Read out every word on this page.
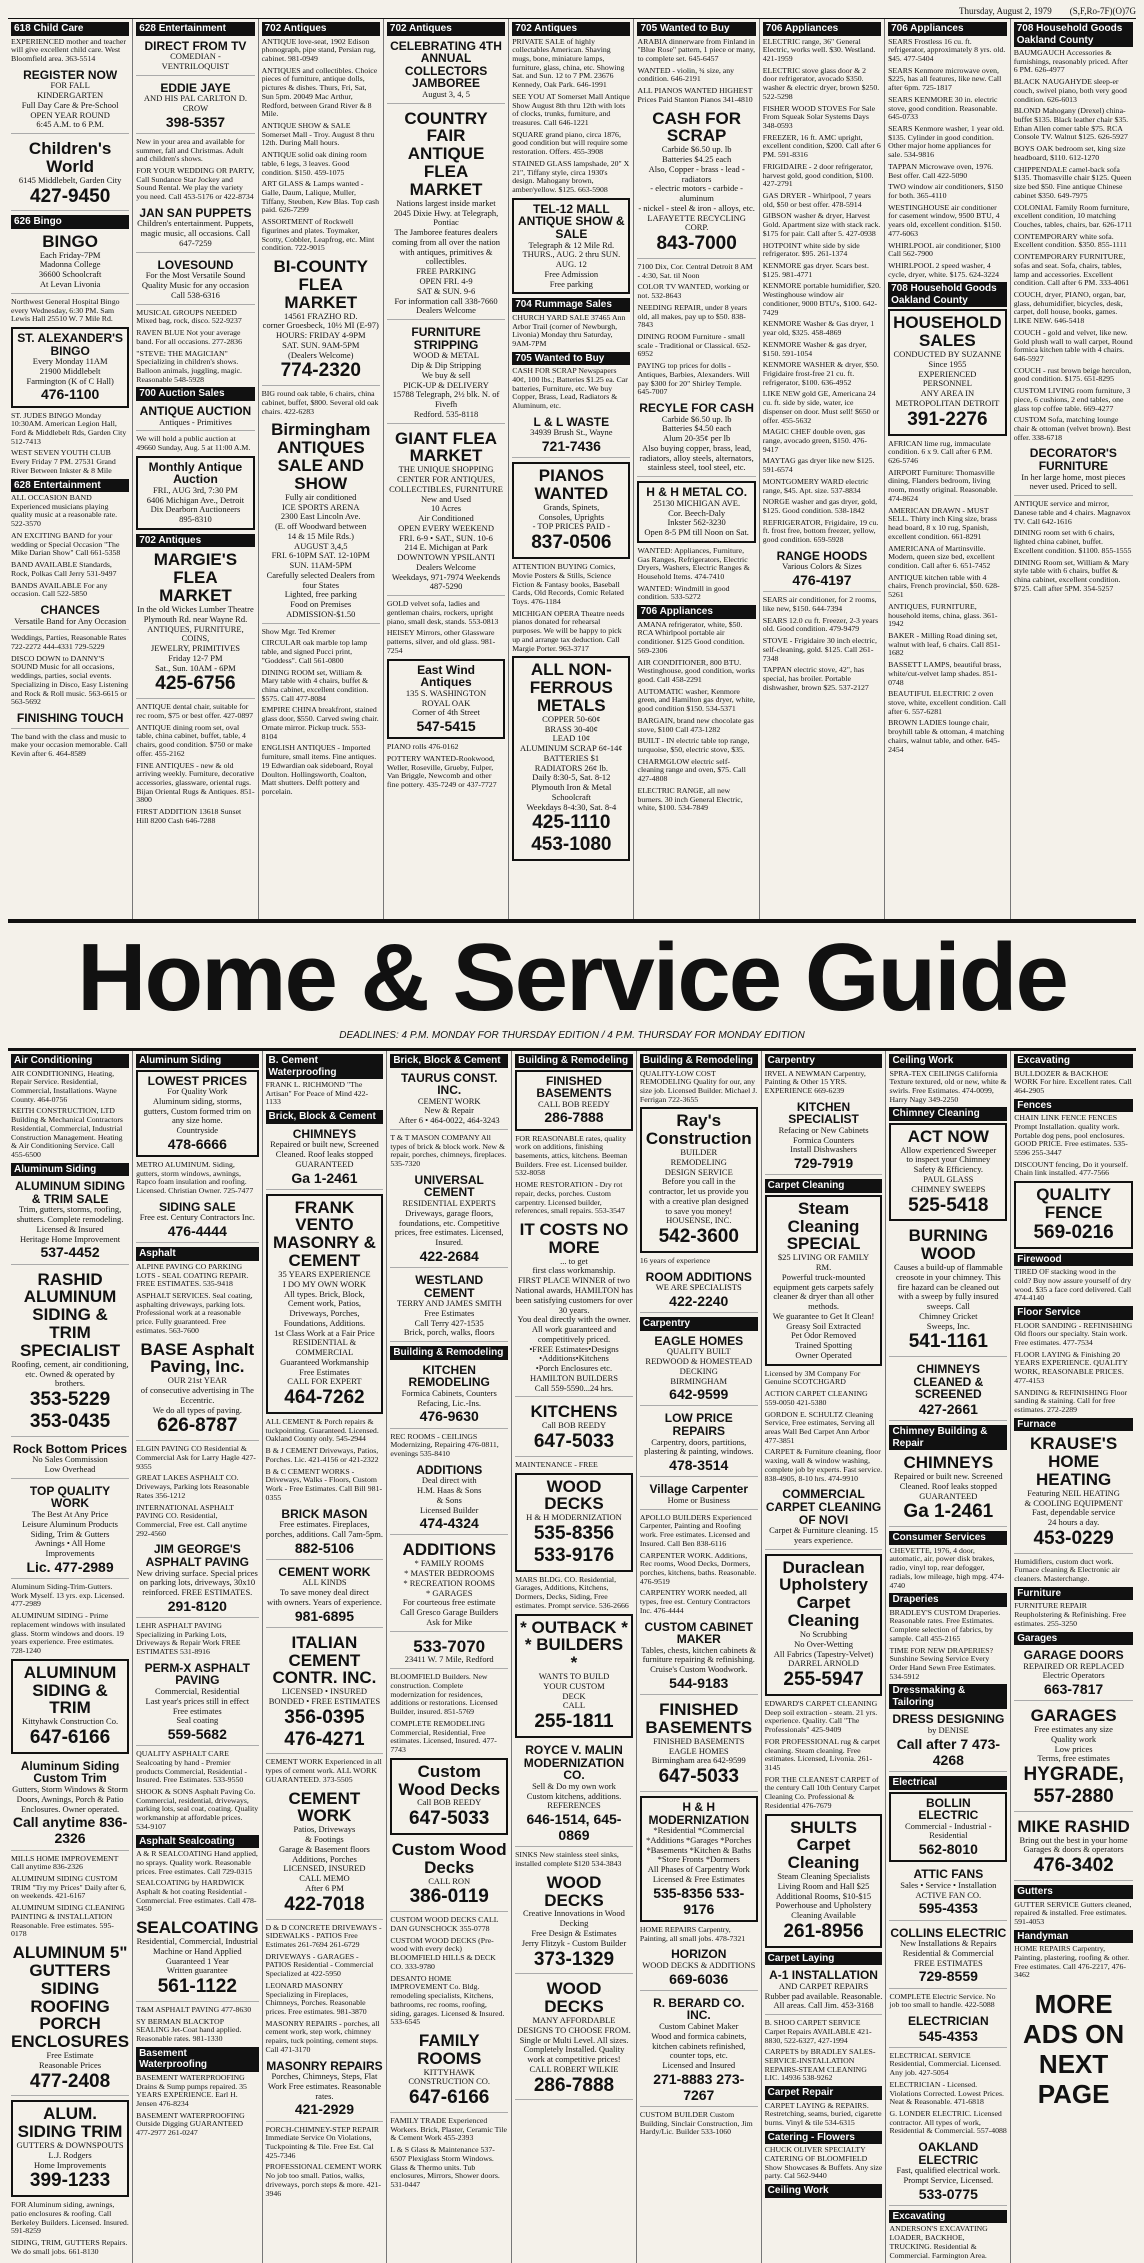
Thursday, August 2, 1979 (S,F,Ro-7F)(O)7G
618 Child Care
EXPERIENCED mother and teacher will give excellent child care. West Bloomfield area. 363-5514
REGISTER NOW
FOR FALL
KINDERGARTEN
Full Day Care & Pre-School
OPEN YEAR ROUND
6:45 A.M. to 6 P.M.
Children's World
6145 Middlebelt, Garden City
427-9450
626 Bingo
BINGO
Each Friday-7PM
Madonna College
36600 Schoolcraft
At Levan Livonia
Northwest General Hospital Bingo every Wednesday, 6:30 PM. Sam Lewis Hall 25510 W. 7 Mile Rd.
ST. ALEXANDER'S BINGO
Every Monday 11AM
21900 Middlebelt
Farmington (K of C Hall)
476-1100
ST. JUDES BINGO Monday 10:30AM. American Legion Hall, Ford & Middlebelt Rds, Garden City 512-7413
WEST SEVEN YOUTH CLUB Every Friday 7 PM. 27531 Grand River Between Inkster & 8 Mile
628 Entertainment
ALL OCCASION BAND Experienced musicians playing quality music at a reasonable rate. 522-3570
AN EXCITING BAND for your wedding or Special Occasion "The Mike Darian Show" Call 661-5358
BAND AVAILABLE Standards, Rock, Polkas Call Jerry 531-9497
BANDS AVAILABLE For any occasion. Call 522-5850
CHANCES
Versatile Band for Any Occasion
Weddings, Parties, Reasonable Rates 722-2272 444-4331 729-5229
DISCO DOWN to DANNY'S SOUND Music for all occasions, weddings, parties, social events. Specializing in Disco, Easy Listening and Rock & Roll music. 563-6615 or 563-5692
FINISHING TOUCH
The band with the class and music to make your occasion memorable. Call Kevin after 6. 464-8589
628 Entertainment
DIRECT FROM TV
COMEDIAN - VENTRILOQUIST
EDDIE JAYE
AND HIS PAL CARLTON D. CROW
398-5357
New in your area and available for summer, fall and Christmas. Adult and children's shows.
FOR YOUR WEDDING OR PARTY, Call Sundance Star Jockey and Sound Rental. We play the variety you need. Call 453-5176 or 422-8734
JAN SAN PUPPETS
Children's entertainment. Puppets, magic music, all occasions. Call 647-7259
LOVESOUND
For the Most Versatile Sound
Quality Music for any occasion
Call 538-6316
MUSICAL GROUPS NEEDED Mixed bag, rock, disco. 522-9237
RAVEN BLUE Not your average band. For all occasions. 277-2836
"STEVE: THE MAGICIAN" Specializing in children's shows. Balloon animals, juggling, magic. Reasonable 548-5928
700 Auction Sales
ANTIQUE AUCTION
Antiques - Primitives
We will hold a public auction at 49660 Sunday, Aug. 5 at 11:00 A.M.
Monthly Antique Auction
FRI., AUG 3rd, 7:30 PM
6406 Michigan Ave., Detroit
Dix Dearborn Auctioneers
895-8310
702 Antiques
MARGIE'S FLEA MARKET
In the old Wickes Lumber Theatre
Plymouth Rd. near Wayne Rd.
ANTIQUES, FURNITURE, COINS,
JEWELRY, PRIMITIVES
Friday 12-7 PM
Sat., Sun. 10AM - 6PM
425-6756
ANTIQUE dental chair, suitable for rec room, $75 or best offer. 427-0897
ANTIQUE dining room set, oval table, china cabinet, buffet, table, 4 chairs, good condition. $750 or make offer. 455-2162
FINE ANTIQUES - new & old arriving weekly. Furniture, decorative accessories, glassware, oriental rugs. Bijan Oriental Rugs & Antiques. 851-3800
FIRST ADDITION 13618 Sunset Hill 8200 Cash 646-7288
702 Antiques
ANTIQUE love-seat, 1902 Edison phonograph, pipe stand, Persian rug, cabinet. 981-0949
ANTIQUES and collectibles. Choice pieces of furniture, antique dolls, pictures & dishes. Thurs, Fri, Sat, Sun 5pm. 20049 Mac Arthur, Redford, between Grand River & 8 Mile.
ANTIQUE SHOW & SALE Somerset Mall - Troy. August 8 thru 12th. During Mall hours.
ANTIQUE solid oak dining room table, 6 legs, 3 leaves. Good condition. $150. 459-1075
ART GLASS & Lamps wanted - Galle, Daum, Lalique, Muller, Tiffany, Steuben, Kew Blas. Top cash paid. 626-7299
ASSORTMENT of Rockwell figurines and plates. Toymaker, Scotty, Cobbler, Leapfrog, etc. Mint condition. 722-9015
BI-COUNTY FLEA MARKET
14561 FRAZHO RD.
corner Groesbeck, 10½ MI (E-97)
HOURS: FRIDAY 4-9PM
SAT. SUN. 9AM-5PM
(Dealers Welcome)
774-2320
BIG round oak table, 6 chairs, china cabinet, buffet, $800. Several old oak chairs. 422-6283
Birmingham ANTIQUES SALE AND SHOW
Fully air conditioned
ICE SPORTS ARENA
2300 East Lincoln Ave.
(E. off Woodward between
14 & 15 Mile Rds.)
AUGUST 3,4,5
FRI. 6-10PM SAT. 12-10PM SUN. 11AM-5PM
Carefully selected Dealers from four States
Lighted, free parking
Food on Premises
ADMISSION-$1.50
Show Mgr. Ted Kremer
CIRCULAR oak marble top lamp table, and signed Pucci print, "Goddess". Call 561-0800
DINING ROOM set, William & Mary table with 4 chairs, buffet & china cabinet, excellent condition. $575. Call 477-8084
EMPIRE CHINA breakfront, stained glass door, $550. Carved swing chair. Ornate mirror. Pickup truck. 553-8104
ENGLISH ANTIQUES - Imported furniture, small items. Fine antiques. 19 Edwardian oak sideboard, Royal Doulton. Hollingsworth, Coalton, Matt shutters. Delft pottery and porcelain.
702 Antiques
CELEBRATING 4TH ANNUAL COLLECTORS JAMBOREE
August 3, 4, 5
COUNTRY FAIR ANTIQUE FLEA MARKET
Nations largest inside market
2045 Dixie Hwy. at Telegraph, Pontiac
The Jamboree features dealers coming from all over the nation with antiques, primitives & collectibles.
FREE PARKING
OPEN FRI. 4-9
SAT & SUN. 9-6
For information call 338-7660
Dealers Welcome
FURNITURE STRIPPING
WOOD & METAL
Dip & Dip Stripping
We buy & sell
PICK-UP & DELIVERY
15788 Telegraph, 2½ blk. N. of Fivefh
Redford. 535-8118
GIANT FLEA MARKET
THE UNIQUE SHOPPING CENTER FOR ANTIQUES, COLLECTIBLES, FURNITURE
New and Used
10 Acres
Air Conditioned
OPEN EVERY WEEKEND
FRI. 6-9 • SAT., SUN. 10-6
214 E. Michigan at Park
DOWNTOWN YPSILANTI
Dealers Welcome
Weekdays, 971-7974 Weekends 487-5290
GOLD velvet sofa, ladies and gentleman chairs, rockers, upright piano, small desk, stands. 553-0813
HEISEY Mirrors, other Glassware patterns, silver, and old glass. 981-7254
East Wind Antiques
135 S. WASHINGTON
ROYAL OAK
Corner of 4th Street
547-5415
PIANO rolls 476-0162
POTTERY WANTED-Rookwood, Weller, Roseville, Grueby, Fulper, Van Briggle, Newcomb and other fine pottery. 435-7249 or 437-7727
702 Antiques
PRIVATE SALE of highly collectables American. Shaving mugs, bone, miniature lamps, furniture, glass, china, etc. Showing Sat. and Sun. 12 to 7 PM. 23676 Kennedy, Oak Park. 646-1991
SEE YOU AT Somerset Mall Antique Show August 8th thru 12th with lots of clocks, trunks, furniture, and treasures. Call 646-1221
SQUARE grand piano, circa 1876, good condition but will require some restoration. Offers. 455-3908
STAINED GLASS lampshade, 20" X 21", Tiffany style, circa 1930's design. Mahogany brown, amber/yellow. $125. 663-5908
TEL-12 MALL ANTIQUE SHOW & SALE
Telegraph & 12 Mile Rd.
THURS., AUG. 2 thru SUN. AUG. 12
Free Admission
Free parking
704 Rummage Sales
CHURCH YARD SALE 37465 Ann Arbor Trail (corner of Newburgh, Livonia) Monday thru Saturday, 9AM-7PM
705 Wanted to Buy
CASH FOR SCRAP Newspapers 40¢, 100 lbs.; Batteries $1.25 ea. Car batteries, Furniture, etc. We buy Copper, Brass, Lead, Radiators & Aluminum, etc.
L & L WASTE
34939 Brush St., Wayne
721-7436
PIANOS WANTED
Grands, Spinets,
Consoles, Uprights
- TOP PRICES PAID -
837-0506
ATTENTION BUYING Comics, Movie Posters & Stills, Science Fiction & Fantasy books, Baseball Cards, Old Records, Comic Related Toys. 476-1184
MICHIGAN OPERA Theatre needs pianos donated for rehearsal purposes. We will be happy to pick up and arrange tax deduction. Call Margie Porter. 963-3717
ALL NON-FERROUS METALS
COPPER 50-60¢
BRASS 30-40¢
LEAD 10¢
ALUMINUM SCRAP 6¢-14¢
BATTERIES $1
RADIATORS 26¢ lb.
Daily 8:30-5, Sat. 8-12
Plymouth Iron & Metal
Schoolcraft
Weekdays 8-4:30, Sat. 8-4
425-1110 453-1080
705 Wanted to Buy
ARABIA dinnerware from Finland in "Blue Rose" pattern, 1 piece or many, to complete set. 645-6457
WANTED - violin, ¾ size, any condition. 646-2191
ALL PIANOS WANTED HIGHEST Prices Paid Stanton Pianos 341-4810
CASH FOR SCRAP
Carbide $6.50 up. lb
Batteries $4.25 each
Also, Copper - brass - lead - radiators
- electric motors - carbide - aluminum
- nickel - steel & iron - alloys, etc.
LAFAYETTE RECYCLING CORP.
843-7000
7100 Dix, Cor. Central Detroit 8 AM - 4:30, Sat. til Noon
COLOR TV WANTED, working or not. 532-8643
NEEDING REPAIR, under 8 years old, all makes, pay up to $50. 838-7843
DINING ROOM Furniture - small scale - Traditional or Classical. 652-6952
PAYING top prices for dolls - Antiques, Barbies, Alexanders. Will pay $300 for 20" Shirley Temple. 645-7007
RECYLE FOR CASH
Carbide $6.50 up. lb
Batteries $4.50 each
Alum 20-35¢ per lb
Also buying copper, brass, lead, radiators, alloy steels, alternators, stainless steel, tool steel, etc.
H & H METAL CO.
25130 MICHIGAN AVE.
Cor. Beech-Daly
Inkster 562-3230
Open 8-5 PM till Noon on Sat.
WANTED: Appliances, Furniture, Gas Ranges, Refrigerators, Electric Dryers, Washers, Electric Ranges & Household Items. 474-7410
WANTED: Windmill in good condition. 533-5272
706 Appliances
AMANA refrigerator, white, $50. RCA Whirlpool portable air conditioner. $125 Good condition. 569-2306
AIR CONDITIONER, 800 BTU. Westinghouse, good condition, works good. Call 458-2291
AUTOMATIC washer, Kenmore green, and Hamilton gas dryer, white, good condition $150. 534-5371
BARGAIN, brand new chocolate gas stove, $100 Call 473-1282
BUILT - IN electric table top range, turquoise, $50, electric stove, $35.
CHARMGLOW electric self-cleaning range and oven, $75. Call 427-4808
ELECTRIC RANGE, all new burners. 30 inch General Electric, white, $100. 534-7849
706 Appliances
ELECTRIC range, 36" General Electric, works well. $30. Westland. 421-1959
ELECTRIC stove glass door & 2 door refrigerator, avocado $350. washer & electric dryer, brown $250. 522-5298
FISHER WOOD STOVES For Sale From Squeak Solar Systems Days 348-0593
FREEZER, 16 ft. AMC upright, excellent condition, $200. Call after 6 PM. 591-8316
FRIGIDAIRE - 2 door refrigerator, harvest gold, good condition, $100. 427-2791
GAS DRYER - Whirlpool, 7 years old, $50 or best offer. 478-5914
GIBSON washer & dryer, Harvest Gold. Apartment size with stack rack. $175 for pair. Call after 5. 427-0938
HOTPOINT white side by side refrigerator. $95. 261-1374
KENMORE gas dryer. Scars best. $125. 981-4771
KENMORE portable humidifier, $20. Westinghouse window air conditioner, 9000 BTU's, $100. 642-7429
KENMORE Washer & Gas dryer, 1 year old, $325. 458-4869
KENMORE Washer & gas dryer, $150. 591-1054
KENMORE WASHER & dryer, $50. Frigidaire frost-free 21 cu. ft. refrigerator, $100. 636-4952
LIKE NEW gold GE, Americana 24 cu. ft. side by side, water, ice dispenser on door. Must sell! $650 or offer. 455-5632
MAGIC CHEF double oven, gas range, avocado green, $150. 476-9417
MAYTAG gas dryer like new $125. 591-6574
MONTGOMERY WARD electric range, $45. Apt. size. 537-8834
NORGE washer and gas dryer, gold, $125. Good condition. 538-1842
REFRIGERATOR, Frigidaire, 19 cu. ft. frost free, bottom freezer, yellow, good condition. 659-5928
RANGE HOODS
Various Colors & Sizes
476-4197
SEARS air conditioner, for 2 rooms, like new, $150. 644-7394
SEARS 12.0 cu ft. Freezer, 2-3 years old. Good condition. 479-9479
STOVE - Frigidaire 30 inch electric, self-cleaning, gold. $125. Call 261-7348
TAPPAN electric stove, 42", has special, has broiler. Portable dishwasher, brown $25. 537-2127
706 Appliances
SEARS Frostless 16 cu. ft. refrigerator, approximately 8 yrs. old. $45. 477-5404
SEARS Kenmore microwave oven, $225, has all features, like new. Call after 6pm. 725-1817
SEARS KENMORE 30 in. electric stove, good condition. Reasonable. 645-0733
SEARS Kenmore washer, 1 year old. $135. Cylinder in good condition. Other major home appliances for sale. 534-9816
TAPPAN Microwave oven, 1976. Best offer. Call 422-5090
TWO window air conditioners, $150 for both. 365-4110
WESTINGHOUSE air conditioner for casement window, 9500 BTU, 4 years old, excellent condition. $150. 477-6063
WHIRLPOOL air conditioner, $100 Call 562-7900
WHIRLPOOL 2 speed washer, 4 cycle, dryer, white. $175. 624-3224
708 Household Goods Oakland County
HOUSEHOLD SALES
CONDUCTED BY SUZANNE
Since 1955
EXPERIENCED PERSONNEL
ANY AREA IN
METROPOLITAN DETROIT
391-2276
AFRICAN lime rug, immaculate condition. 6 x 9. Call after 6 P.M. 626-5746
AIRPORT Furniture: Thomasville dining, Flanders bedroom, living room, mostly original. Reasonable. 474-8624
AMERICAN DRAWN - MUST SELL. Thirty inch King size, brass head board, 8 x 10 rug, Spanish, excellent condition. 661-8291
AMERICANA of Martinsville. Modern, queen size bed, excellent condition. Call after 6. 651-7452
ANTIQUE kitchen table with 4 chairs, French provincial, $50. 628-5261
ANTIQUES, FURNITURE, household items, china, glass. 361-1942
BAKER - Milling Road dining set, walnut with leaf, 6 chairs. Call 851-1682
BASSETT LAMPS, beautiful brass, white/cut-velvet lamp shades. 851-0748
BEAUTIFUL ELECTRIC 2 oven stove, white, excellent condition. Call after 6. 557-6281
BROWN LADIES lounge chair, broyhill table & ottoman, 4 matching chairs, walnut table, and other. 645-2454
708 Household Goods Oakland County
BAUMGAUCH Accessories & furnishings, reasonably priced. After 6 PM. 626-4977
BLACK NAUGAHYDE sleep-er couch, swivel piano, both very good condition. 626-6013
BLOND Mahogany (Drexel) china-buffet $135. Black leather chair $35. Ethan Allen comer table $75. RCA Console TV. Walnut $125. 626-5927
BOYS OAK bedroom set, king size headboard, $110. 612-1270
CHIPPENDALE camel-back sofa $135. Thomasville chair $125. Queen size bed $50. Fine antique Chinese cabinet $350. 649-7975
COLONIAL Family Room furniture, excellent condition, 10 matching Couches, tables, chairs, bar. 626-1711
CONTEMPORARY white sofa. Excellent condition. $350. 855-1111
CONTEMPORARY FURNITURE, sofas and seat. Sofa, chairs, tables, lamp and accessories. Excellent condition. Call after 6 PM. 333-4061
COUCH, dryer, PIANO, organ, bar, glass, dehumidifier, bicycles, desk, carpet, doll house, books, games. LIKE NEW. 646-5418
COUCH - gold and velvet, like new. Gold plush wall to wall carpet, Round formica kitchen table with 4 chairs. 646-5927
COUCH - rust brown beige herculon, good condition. $175. 651-8295
CUSTOM LIVING room furniture, 3 piece, 6 cushions, 2 end tables, one glass top coffee table. 669-4277
CUSTOM Sofa, matching lounge chair & ottoman (velvet brown). Best offer. 338-6718
DECORATOR'S FURNITURE
In her large home, most pieces never used. Priced to sell.
ANTIQUE service and mirror, Danese table and 4 chairs. Magnavox TV. Call 642-1616
DINING room set with 6 chairs, lighted china cabinet, buffet. Excellent condition. $1100. 855-1555
DINING Room set, William & Mary style table with 6 chairs, buffet & china cabinet, excellent condition. $725. Call after 5PM. 354-5257
Home & Service Guide
DEADLINES: 4 P.M. MONDAY FOR THURSDAY EDITION / 4 P.M. THURSDAY FOR MONDAY EDITION
Air Conditioning
AIR CONDITIONING, Heating, Repair Service. Residential, Commercial, Installations. Wayne County. 464-0756
KEITH CONSTRUCTION, LTD Building & Mechanical Contractors Residential, Commercial, Industrial Construction Management. Heating & Air Conditioning Service. Call 455-6500
Aluminum Siding
ALUMINUM SIDING & TRIM SALE
Trim, gutters, storms, roofing, shutters. Complete remodeling.
Licensed & Insured
Heritage Home Improvement
537-4452
RASHID ALUMINUM SIDING & TRIM SPECIALIST
Roofing, cement, air conditioning, etc. Owned & operated by brothers.
353-5229 353-0435
Rock Bottom Prices
No Sales Commission
Low Overhead
TOP QUALITY WORK
The Best At Any Price
Leisure Aluminum Products
Siding, Trim & Gutters
Awnings • All Home Improvements
Lic. 477-2989
Aluminum Siding-Trim-Gutters. Work Myself. 13 yrs. exp. Licensed. 477-2989
ALUMINUM SIDING - Prime replacement windows with insulated glass. Storm windows and doors. 19 years experience. Free estimates. 728-1240
ALUMINUM SIDING & TRIM
Kittyhawk Construction Co.
647-6166
Aluminum Siding Custom Trim
Gutters, Storm Windows & Storm Doors, Awnings, Porch & Patio Enclosures. Owner operated.
Call anytime 836-2326
MILLS HOME IMPROVEMENT Call anytime 836-2326
ALUMINUM SIDING CUSTOM TRIM "Try my Prices" Daily after 6, on weekends. 421-6167
ALUMINUM SIDING CLEANING PAINTING & INSTALLATION Reasonable. Free estimates. 595-0178
ALUMINUM 5" GUTTERS SIDING ROOFING PORCH ENCLOSURES
Free Estimate
Reasonable Prices
477-2408
ALUM. SIDING TRIM
GUTTERS & DOWNSPOUTS
L.J. Rodgers
Home Improvements
399-1233
FOR Aluminum siding, awnings, patio enclosures & roofing. Call Berkeley Builders. Licensed. Insured. 591-8259
SIDING, TRIM, GUTTERS Repairs. We do small jobs. 661-8130
Aluminum Siding
LOWEST PRICES
For Quality Work
Aluminum siding, storms, gutters, Custom formed trim on any size home.
Countryside
478-6666
METRO ALUMINUM. Siding, gutters, storm windows, awnings, Rapco foam insulation and roofing. Licensed. Christian Owner. 725-7477
SIDING SALE
Free est. Century Contractors Inc.
476-4444
Asphalt
ALPINE PAVING CO PARKING LOTS - SEAL COATING REPAIR. FREE ESTIMATES. 535-9418
ASPHALT SERVICES. Seal coating, asphalting driveways, parking lots. Professional work at a reasonable price. Fully guaranteed. Free estimates. 563-7600
BASE Asphalt Paving, Inc.
OUR 21st YEAR
of consecutive advertising in The Eccentric.
We do all types of paving.
626-8787
ELGIN PAVING CO Residential & Commercial Ask for Larry Hagle 427-9355
GREAT LAKES ASPHALT CO. Driveways, Parking lots Reasonable Rates 356-1212
INTERNATIONAL ASPHALT PAVING CO. Residential, Commercial, Free est. Call anytime 292-4560
JIM GEORGE'S ASPHALT PAVING
New driving surface. Special prices on parking lots, driveways, 30x10 reinforced. FREE ESTIMATES.
291-8120
LEHR ASPHALT PAVING Specializing in Parking Lots, Driveways & Repair Work FREE ESTIMATES 531-8916
PERM-X ASPHALT PAVING
Commercial, Residential
Last year's prices still in effect
Free estimates
Seal coating
559-5682
QUALITY ASPHALT CARE Sealcoating by hand - Premier products Commercial, Residential - Insured. Free Estimates. 533-9550
SHOOK & SONS Asphalt Paving Co. Commercial, residential, driveways, parking lots, seal coat, coating. Quality workmanship at affordable prices. 534-9107
Asphalt Sealcoating
A & R SEALCOATING Hand applied, no sprays. Quality work. Reasonable prices. Free estimates. Call 729-0315
SEALCOATING by HARDWICK Asphalt & hot coating Residential - Commercial. Free estimates. Call 478-3450
SEALCOATING
Residential, Commercial, Industrial
Machine or Hand Applied
Guaranteed 1 Year
Written guarantee
561-1122
T&M ASPHALT PAVING 477-8630
SY BERMAN BLACKTOP SEALING Jet-Coat hand applied. Reasonable rates. 981-1330
Basement Waterproofing
BASEMENT WATERPROOFING Drains & Sump pumps repaired. 35 YEARS EXPERIENCE. Earl H. Jensen 476-8234
BASEMENT WATERPROOFING Outside Digging GUARANTEED 477-2977 261-0247
B. Cement Waterproofing
FRANK L. RICHMOND "The Artisan" For Peace of Mind 422-1133
Brick, Block & Cement
CHIMNEYS
Repaired or built new, Screened
Cleaned. Roof leaks stopped
GUARANTEED
Ga 1-2461
FRANK VENTO MASONRY & CEMENT
35 YEARS EXPERIENCE
I DO MY OWN WORK
All types. Brick, Block, Cement work, Patios, Driveways, Porches, Foundations, Additions.
1st Class Work at a Fair Price
RESIDENTIAL & COMMERCIAL
Guaranteed Workmanship
Free Estimates
CALL FOR EXPERT
464-7262
ALL CEMENT & Porch repairs & tuckpointing. Guaranteed. Licensed. Oakland County only. 545-2944
B & J CEMENT Driveways, Patios, Porches. Lic. 421-4156 or 421-2322
B & C CEMENT WORKS - Driveways, Walks - Floors, Custom Work - Free Estimates. Call Bill 981-0355
BRICK MASON
Free estimates. Fireplaces, porches, additions. Call 7am-5pm.
882-5106
CEMENT WORK
ALL KINDS
To save money deal direct
with owners. Years of experience.
981-6895
ITALIAN CEMENT CONTR. INC.
LICENSED • INSURED
BONDED • FREE ESTIMATES
356-0395 476-4271
CEMENT WORK Experienced in all types of cement work. ALL WORK GUARANTEED. 373-5505
CEMENT WORK
Patios, Driveways
& Footings
Garage & Basement floors
Additions, Porches
LICENSED, INSURED
CALL MEMO
After 6 PM
422-7018
D & D CONCRETE DRIVEWAYS - SIDEWALKS - PATIOS Free Estimates 261-7694 261-6729
DRIVEWAYS - GARAGES - PATIOS Residential - Commercial Specialized at 422-5950
LEONARD MASONRY Specializing in Fireplaces, Chimneys, Porches. Reasonable prices. Free estimates. 981-3870
MASONRY REPAIRS - porches, all cement work, step work, chimney repairs, tuck pointing, cement steps. Call 471-3170
MASONRY REPAIRS
Porches, Chimneys, Steps, Flat Work Free estimates. Reasonable rates.
421-2929
PORCH-CHIMNEY-STEP REPAIR Immediate Service On Violations, Tuckpointing & Tile. Free Est. Cal 425-7346
PROFESSIONAL CEMENT WORK No job too small. Patios, walks, driveways, porch steps & more. 421-3946
Brick, Block & Cement
TAURUS CONST. INC.
CEMENT WORK
New & Repair
After 6 • 464-0022, 464-3243
T & T MASON COMPANY All types of brick & block work. New & repair, porches, chimneys, fireplaces. 535-7320
UNIVERSAL CEMENT
RESIDENTIAL EXPERTS
Driveways, garage floors, foundations, etc. Competitive prices, free estimates. Licensed, Insured.
422-2684
WESTLAND CEMENT
TERRY AND JAMES SMITH
Free Estimates
Call Terry 427-1535
Brick, porch, walks, floors
Building & Remodeling
KITCHEN REMODELING
Formica Cabinets, Counters
Refacing, Lic.-Ins.
476-9630
REC ROOMS - CEILINGS Modernizing, Repairing 476-0811, evenings 535-8410
ADDITIONS
Deal direct with
H.M. Haas & Sons
& Sons
Licensed Builder
474-4324
ADDITIONS
* FAMILY ROOMS
* MASTER BEDROOMS
* RECREATION ROOMS
* GARAGES
For courteous free estimate
Call Gresco Garage Builders
Ask for Mike
533-7070
23411 W. 7 Mile, Redford
BLOOMFIELD Builders. New construction. Complete modernization for residences, additions or restorations. Licensed Builder, insured. 851-5769
COMPLETE REMODELING Commercial, Residential, Free estimates. Licensed, Insured. 477-7743
Custom Wood Decks
Call BOB REEDY
647-5033
Custom Wood Decks
CALL RON
386-0119
CUSTOM WOOD DECKS CALL DAN GUNSCHOCK 355-0778
CUSTOM WOOD DECKS (Pre-wood with every deck) BLOOMFIELD HILLS & DECK CO. 333-9780
DESANTO HOME IMPROVEMENT Co. Bldg. remodeling specialists, Kitchens, bathrooms, rec rooms, roofing, siding, garages. Licensed & Insured. 533-6545
FAMILY ROOMS
KITTYHAWK CONSTRUCTION CO.
647-6166
FAMILY TRADE Experienced Workers. Brick, Plaster, Ceramic Tile & Cement Work 455-2393
L & S Glass & Maintenance 537-6507 Plexiglass Storm Windows. Glass & Thermo units. Tub enclosures, Mirrors, Shower doors. 531-0447
Building & Remodeling
FINISHED BASEMENTS
CALL BOB REEDY
286-7888
FOR REASONABLE rates, quality work on additions, finishing basements, attics, kitchens. Beeman Builders. Free est. Licensed builder. 532-8058
HOME RESTORATION - Dry rot repair, decks, porches. Custom carpentry. Licensed builder, references, small repairs. 553-3547
IT COSTS NO MORE
... to get
first class workmanship.
FIRST PLACE WINNER of two National awards, HAMILTON has been satisfying customers for over 30 years.
You deal directly with the owner. All work guaranteed and competitively priced.
•FREE Estimates•Designs
•Additions•Kitchens
•Porch Enclosures etc.
HAMILTON BUILDERS
Call 559-5590...24 hrs.
KITCHENS
Call BOB REEDY
647-5033
MAINTENANCE - FREE
WOOD DECKS
H & H MODERNIZATION
535-8356 533-9176
MARS BLDG. CO. Residential, Garages, Additions, Kitchens, Dormers, Decks, Siding, Free estimates. Prompt service. 536-2666
* OUTBACK * * BUILDERS *
WANTS TO BUILD
YOUR CUSTOM
DECK
CALL
255-1811
ROYCE V. MALIN MODERNIZATION CO.
Sell & Do my own work
Custom kitchens, additions.
REFERENCES
646-1514, 645-0869
SINKS New stainless steel sinks, installed complete $120 534-3843
WOOD DECKS
Creative Innovations in Wood Decking
Free Design & Estimates
Jerry Flitzyk - Custom Builder
373-1329
WOOD DECKS
MANY AFFORDABLE DESIGNS TO CHOOSE FROM.
Single or Multi Level. All sizes. Completely Installed. Quality work at competitive prices!
CALL ROBERT WILKIE
286-7888
Building & Remodeling
QUALITY-LOW COST REMODELING Quality for our, any size job. Licensed Builder. Michael J. Ferrigan 722-3655
Ray's Construction
BUILDER
REMODELING
DESIGN SERVICE
Before you call in the contractor, let us provide you with a creative plan designed to save you money!
HOUSENSE, INC.
542-3600
16 years of experience
ROOM ADDITIONS
WE ARE SPECIALISTS
422-2240
Carpentry
EAGLE HOMES
QUALITY BUILT
REDWOOD & HOMESTEAD
DECKING
BIRMINGHAM
642-9599
LOW PRICE REPAIRS
Carpentry, doors, partitions, plastering & painting, windows.
478-3514
Village Carpenter
Home or Business
APOLLO BUILDERS Experienced Carpenter, Painting and Roofing work. Free estimates. Licensed and Insured. Call Ben 838-6116
CARPENTER WORK. Additions, Rec rooms, Wood Decks, Dormers, porches, kitchens, baths. Reasonable. 476-9519
CARPENTRY WORK needed, all types, free est. Century Contractors Inc. 476-4444
CUSTOM CABINET MAKER
Tables, chests, kitchen cabinets & furniture repairing & refinishing. Cruise's Custom Woodwork.
544-9183
FINISHED BASEMENTS
FINISHED BASEMENTS
EAGLE HOMES
Birmingham area 642-9599
647-5033
H & H MODERNIZATION
*Residential *Commercial
*Additions *Garages *Porches
*Basements *Kitchen & Baths
*Store Fronts *Dormers
All Phases of Carpentry Work
Licensed & Free Estimates
535-8356 533-9176
HOME REPAIRS Carpentry, Painting, all small jobs. 478-7321
HORIZON
WOOD DECKS & ADDITIONS
669-6036
R. BERARD CO. INC.
Custom Cabinet Maker
Wood and formica cabinets, kitchen cabinets refinished, counter tops, etc.
Licensed and Insured
271-8883 273-7267
CUSTOM BUILDER Custom Building, Sinclair Construction, Jim Hardy/Lic. Builder 533-1060
Carpentry
IRVEL A NEWMAN Carpentry, Painting & Other 15 YRS. EXPERIENCE 669-6239
KITCHEN SPECIALIST
Refacing or New Cabinets
Formica Counters
Install Dishwashers
729-7919
Carpet Cleaning
Steam Cleaning SPECIAL
$25 LIVING OR FAMILY RM.
Powerful truck-mounted equipment gets carpets safely cleaner & dryer than all other methods.
We guarantee to Get It Clean!
Greasy Soil Extracted
Pet Odor Removed
Trained Spotting
Owner Operated
Licensed by 3M Company For Genuine SCOTCHGARD
ACTION CARPET CLEANING 559-0050 421-5380
GORDON E. SCHULTZ Cleaning Service, Free estimates, Serving all areas Wall Bed Carpet Ann Arbor 477-3851
CARPET & Furniture cleaning, floor waxing, wall & window washing, complete job by experts. Fast service. 838-4905, 8-10 hrs. 474-9910
COMMERCIAL CARPET CLEANING OF NOVI
Carpet & Furniture cleaning. 15 years experience.
Duraclean Upholstery Carpet Cleaning
No Scrubbing
No Over-Wetting
All Fabrics (Tapestry-Velvet)
DARREL ARNOLD
255-5947
EDWARD'S CARPET CLEANING Deep soil extraction - steam. 21 yrs. experience. Quality. Call "The Professionals" 425-9409
FOR PROFESSIONAL rug & carpet cleaning. Steam cleaning. Free estimates. Licensed, Livonia. 261-3145
FOR THE CLEANEST CARPET of the century Call 10th Century Carpet Cleaning Co. Professional & Residential 476-7679
SHULTS Carpet Cleaning
Steam Cleaning Specialists
Living Room and Hall $25
Additional Rooms, $10-$15
Powerhouse and Upholstery Cleaning Available
261-8956
Carpet Laying
A-1 INSTALLATION
AND CARPET REPAIRS
Rubber pad available. Reasonable. All areas. Call Jim. 453-3168
B. SHOO CARPET SERVICE Carpet Repairs AVAILABLE 421-8830, 522-6327, 427-1994
CARPETS by BRADLEY SALES-SERVICE-INSTALLATION REPAIRS-STEAM CLEANING LIC. 14936 538-9262
Carpet Repair
CARPET LAYING & REPAIRS. Restretching, seams, buried, cigarette burns. Vinyl & tile 534-6315
Catering - Flowers
CHUCK OLIVER SPECIALTY CATERING OF BLOOMFIELD Show Showcases & Buffets. Any size party. Cal 562-9440
Ceiling Work
Ceiling Work
SPRA-TEX CEILINGS California Texture textured, old or new, white & swirls. Free Estimates. 474-0099, Harry Nagy 349-2250
Chimney Cleaning
ACT NOW
Allow experienced Sweeper
to inspect your Chimney
Safety & Efficiency.
PAUL GLASS
CHIMNEY SWEEPS
525-5418
BURNING WOOD
Causes a build-up of flammable creosote in your chimney. This fire hazard can be cleaned out with a sweep by fully insured sweeps. Call
Chimney Cricket
Sweeps, Inc.
541-1161
CHIMNEYS CLEANED & SCREENED
427-2661
Chimney Building & Repair
CHIMNEYS
Repaired or built new. Screened
Cleaned. Roof leaks stopped
GUARANTEED
Ga 1-2461
Consumer Services
CHEVETTE, 1976, 4 door, automatic, air, power disk brakes, radio, vinyl top, rear defogger, radials, low mileage, high mpg. 474-4740
Draperies
BRADLEY'S CUSTOM Draperies. Reasonable rates. Free Estimates. Complete selection of fabrics, by sample. Call 455-2165
TIME FOR NEW DRAPERIES? Sunshine Sewing Service Every Order Hand Sewn Free Estimates. 534-5912
Dressmaking & Tailoring
DRESS DESIGNING
by DENISE
Call after 7 473-4268
Electrical
BOLLIN ELECTRIC
Commercial - Industrial - Residential
562-8010
ATTIC FANS
Sales • Service • Installation
ACTIVE FAN CO.
595-4353
COLLINS ELECTRIC
New Installations & Repairs
Residential & Commercial
FREE ESTIMATES
729-8559
COMPLETE Electric Service. No job too small to handle. 422-5088
ELECTRICIAN
545-4353
ELECTRICAL SERVICE Residential, Commercial. Licensed. Any job. 427-5054
ELECTRICIAN - Licensed. Violations Corrected. Lowest Prices. Neat & Reasonable. 471-6818
G. LONDER ELECTRIC. Licensed contractor. All types of work, Residential & Commercial. 557-4088
OAKLAND ELECTRIC
Fast, qualified electrical work.
Prompt Service, Licensed.
533-0775
Excavating
ANDERSON'S EXCAVATING LOADER, BACKHOE, TRUCKING. Residential & Commercial. Farmington Area.
Excavating
BULLDOZER & BACKHOE WORK For hire. Excellent rates. Call 464-2905
Fences
CHAIN LINK FENCE FENCES Prompt Installation. quality work. Portable dog pens, pool enclosures. GOOD PRICE. Free estimates. 535-5596 255-3447
DISCOUNT fencing, Do it yourself. Chain link installed. 477-7566
QUALITY FENCE
569-0216
Firewood
TIRED OF stacking wood in the cold? Buy now assure yourself of dry wood. $35 a face cord delivered. Call 474-4140
Floor Service
FLOOR SANDING - REFINISHING Old floors our specialty. Stain work. Free estimates. 477-7534
FLOOR LAYING & Finishing 20 YEARS EXPERIENCE. QUALITY WORK, REASONABLE PRICES. 477-4153
SANDING & REFINISHING Floor sanding & staining. Call for free estimates. 272-2289
Furnace
KRAUSE'S HOME HEATING
Featuring NEIL HEATING
& COOLING EQUIPMENT
Fast, dependable service
24 hours a day.
453-0229
Humidifiers, custom duct work. Furnace cleaning & Electronic air cleaners. Masterchange.
Furniture
FURNITURE REPAIR Reupholstering & Refinishing. Free estimates. 255-3250
Garages
GARAGE DOORS
REPAIRED OR REPLACED
Electric Operators
663-7817
GARAGES
Free estimates any size
Quality work
Low prices
Terms, free estimates
HYGRADE, 557-2880
MIKE RASHID
Bring out the best in your home
Garages & doors & operators
476-3402
Gutters
GUTTER SERVICE Gutters cleaned, repaired & installed. Free estimates. 591-4053
Handyman
HOME REPAIRS Carpentry, Painting, plastering, roofing & other. Free estimates. Call 476-2217, 476-3462
MORE ADS ON NEXT PAGE
